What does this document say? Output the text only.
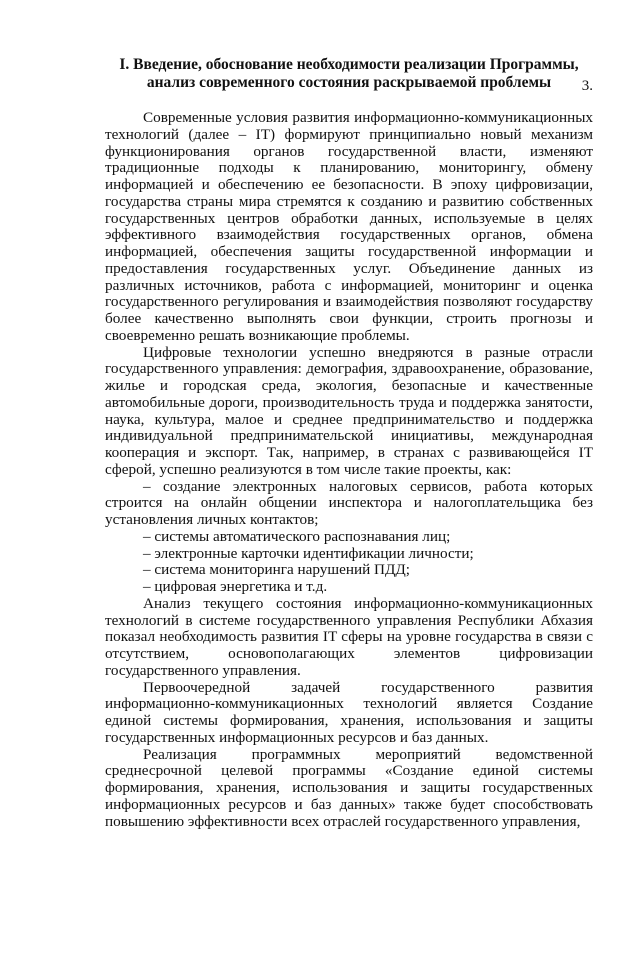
3.
I. Введение, обоснование необходимости реализации Программы, анализ современного состояния раскрываемой проблемы

Современные условия развития информационно-коммуникационных технологий (далее – IT) формируют принципиально новый механизм функционирования органов государственной власти, изменяют традиционные подходы к планированию, мониторингу, обмену информацией и обеспечению ее безопасности. В эпоху цифровизации, государства страны мира стремятся к созданию и развитию собственных государственных центров обработки данных, используемые в целях эффективного взаимодействия государственных органов, обмена информацией, обеспечения защиты государственной информации и предоставления государственных услуг. Объединение данных из различных источников, работа с информацией, мониторинг и оценка государственного регулирования и взаимодействия позволяют государству более качественно выполнять свои функции, строить прогнозы и своевременно решать возникающие проблемы.

Цифровые технологии успешно внедряются в разные отрасли государственного управления: демография, здравоохранение, образование, жилье и городская среда, экология, безопасные и качественные автомобильные дороги, производительность труда и поддержка занятости, наука, культура, малое и среднее предпринимательство и поддержка индивидуальной предпринимательской инициативы, международная кооперация и экспорт. Так, например, в странах с развивающейся IT сферой, успешно реализуются в том числе такие проекты, как:

– создание электронных налоговых сервисов, работа которых строится на онлайн общении инспектора и налогоплательщика без установления личных контактов;

– системы автоматического распознавания лиц;

– электронные карточки идентификации личности;

– система мониторинга нарушений ПДД;

– цифровая энергетика и т.д.

Анализ текущего состояния информационно-коммуникационных технологий в системе государственного управления Республики Абхазия показал необходимость развития IT сферы на уровне государства в связи с отсутствием, основополагающих элементов цифровизации государственного управления.

Первоочередной задачей государственного развития информационно-коммуникационных технологий является Создание единой системы формирования, хранения, использования и защиты государственных информационных ресурсов и баз данных.

Реализация программных мероприятий ведомственной среднесрочной целевой программы «Создание единой системы формирования, хранения, использования и защиты государственных информационных ресурсов и баз данных» также будет способствовать повышению эффективности всех отраслей государственного управления,
